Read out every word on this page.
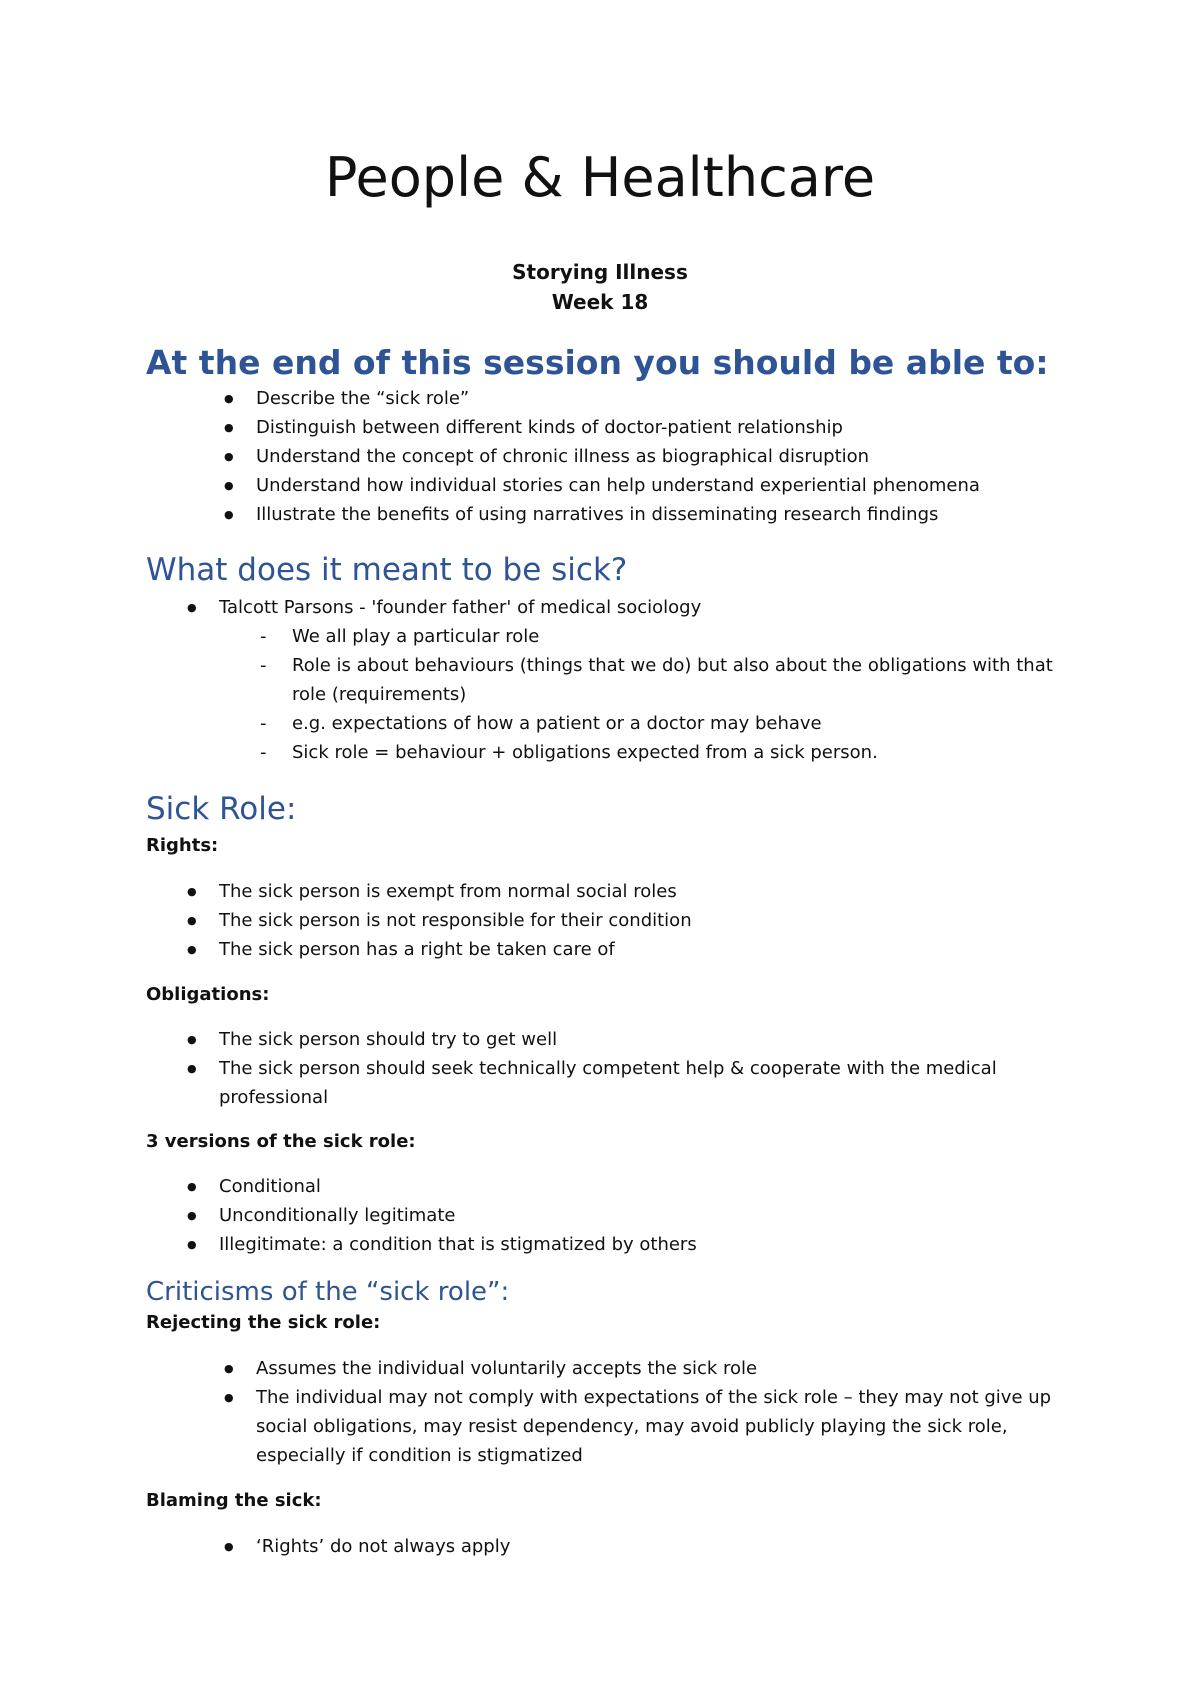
People & Healthcare
Storying Illness
Week 18
At the end of this session you should be able to:
● Describe the “sick role”
● Distinguish between different kinds of doctor-patient relationship
● Understand the concept of chronic illness as biographical disruption
● Understand how individual stories can help understand experiential phenomena
● Illustrate the benefits of using narratives in disseminating research findings
What does it meant to be sick?
● Talcott Parsons - 'founder father' of medical sociology
- We all play a particular role
- Role is about behaviours (things that we do) but also about the obligations with that role (requirements)
- e.g. expectations of how a patient or a doctor may behave
- Sick role = behaviour + obligations expected from a sick person.
Sick Role:
Rights:
● The sick person is exempt from normal social roles
● The sick person is not responsible for their condition
● The sick person has a right be taken care of
Obligations:
● The sick person should try to get well
● The sick person should seek technically competent help & cooperate with the medical professional
3 versions of the sick role:
● Conditional
● Unconditionally legitimate
● Illegitimate: a condition that is stigmatized by others
Criticisms of the “sick role”:
Rejecting the sick role:
● Assumes the individual voluntarily accepts the sick role
● The individual may not comply with expectations of the sick role – they may not give up social obligations, may resist dependency, may avoid publicly playing the sick role, especially if condition is stigmatized
Blaming the sick:
● ‘Rights’ do not always apply
